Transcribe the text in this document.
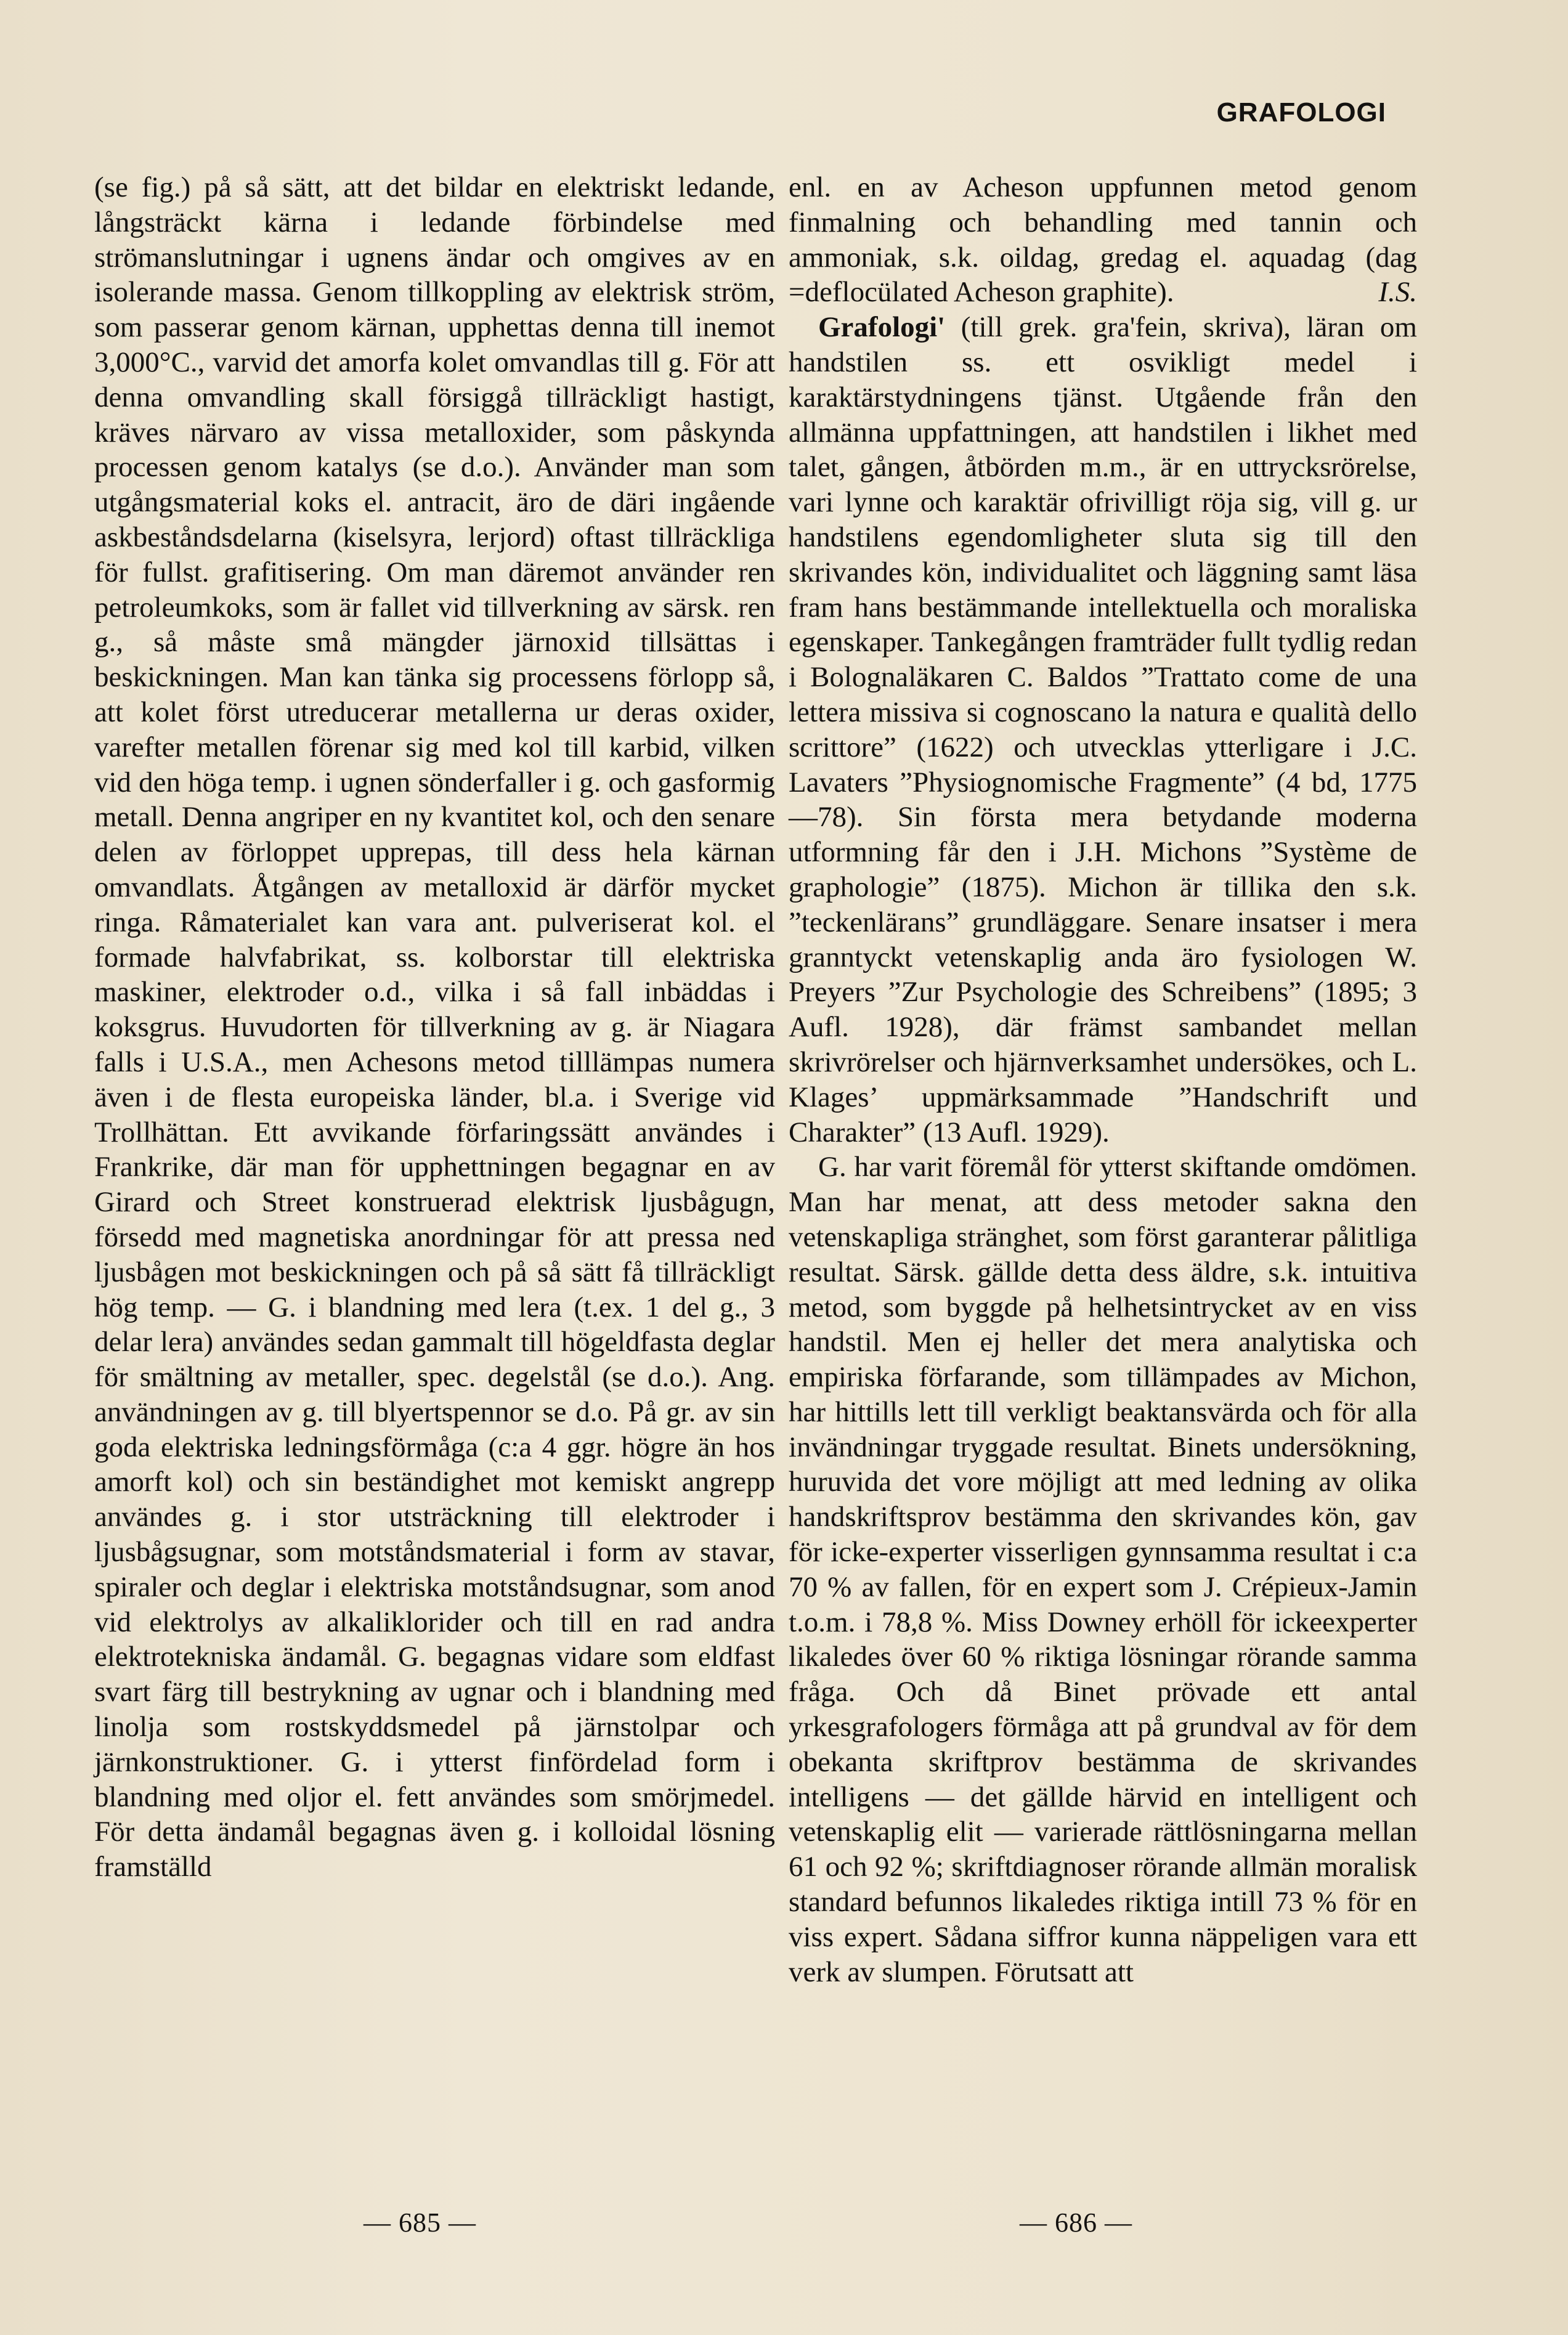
GRAFOLOGI

(se fig.) på så sätt, att det bildar en elektriskt ledande, långsträckt kärna i ledande förbindelse med strömanslutningar i ugnens ändar och omgives av en isolerande massa. Genom tillkoppling av elektrisk ström, som passerar genom kärnan, upphettas denna till inemot 3,000°C., varvid det amorfa kolet omvandlas till g. För att denna omvandling skall försiggå tillräckligt hastigt, kräves närvaro av vissa metalloxider, som påskynda processen genom katalys (se d.o.). Använder man som utgångsmaterial koks el. antracit, äro de däri ingående askbeståndsdelarna (kiselsyra, lerjord) oftast tillräckliga för fullst. grafitisering. Om man däremot använder ren petroleumkoks, som är fallet vid tillverkning av särsk. ren g., så måste små mängder järnoxid tillsättas i beskickningen. Man kan tänka sig processens förlopp så, att kolet först utreducerar metallerna ur deras oxider, varefter metallen förenar sig med kol till karbid, vilken vid den höga temp. i ugnen sönderfaller i g. och gasformig metall. Denna angriper en ny kvantitet kol, och den senare delen av förloppet upprepas, till dess hela kärnan omvandlats. Åtgången av metalloxid är därför mycket ringa. Råmaterialet kan vara ant. pulveriserat kol. el formade halvfabrikat, ss. kolborstar till elektriska maskiner, elektroder o.d., vilka i så fall inbäddas i koksgrus. Huvudorten för tillverkning av g. är Niagara falls i U.S.A., men Achesons metod tilllämpas numera även i de flesta europeiska länder, bl.a. i Sverige vid Trollhättan. Ett avvikande förfaringssätt användes i Frankrike, där man för upphettningen begagnar en av Girard och Street konstruerad elektrisk ljusbågugn, försedd med magnetiska anordningar för att pressa ned ljusbågen mot beskickningen och på så sätt få tillräckligt hög temp. — G. i blandning med lera (t.ex. 1 del g., 3 delar lera) användes sedan gammalt till högeldfasta deglar för smältning av metaller, spec. degelstål (se d.o.). Ang. användningen av g. till blyertspennor se d.o. På gr. av sin goda elektriska ledningsförmåga (c:a 4 ggr. högre än hos amorft kol) och sin beständighet mot kemiskt angrepp användes g. i stor utsträckning till elektroder i ljusbågsugnar, som motståndsmaterial i form av stavar, spiraler och deglar i elektriska motståndsugnar, som anod vid elektrolys av alkaliklorider och till en rad andra elektrotekniska ändamål. G. begagnas vidare som eldfast svart färg till bestrykning av ugnar och i blandning med linolja som rostskyddsmedel på järnstolpar och järnkonstruktioner. G. i ytterst finfördelad form i blandning med oljor el. fett användes som smörjmedel. För detta ändamål begagnas även g. i kolloidal lösning framställd

enl. en av Acheson uppfunnen metod genom finmalning och behandling med tannin och ammoniak, s.k. oildag, gredag el. aquadag (dag =deflocülated Acheson graphite).	I.S.

Grafologi' (till grek. gra'fein, skriva), läran om handstilen ss. ett osvikligt medel i karaktärstydningens tjänst. Utgående från den allmänna uppfattningen, att handstilen i likhet med talet, gången, åtbörden m.m., är en uttrycksrörelse, vari lynne och karaktär ofrivilligt röja sig, vill g. ur handstilens egendomligheter sluta sig till den skrivandes kön, individualitet och läggning samt läsa fram hans bestämmande intellektuella och moraliska egenskaper. Tankegången framträder fullt tydlig redan i Bolognaläkaren C. Baldos ”Trattato come de una lettera missiva si cognoscano la natura e qualità dello scrittore” (1622) och utvecklas ytterligare i J.C. Lavaters ”Physiognomische Fragmente” (4 bd, 1775 —78). Sin första mera betydande moderna utformning får den i J.H. Michons ”Système de graphologie” (1875). Michon är tillika den s.k. ”teckenlärans” grundläggare. Senare insatser i mera granntyckt vetenskaplig anda äro fysiologen W. Preyers ”Zur Psychologie des Schreibens” (1895; 3 Aufl. 1928), där främst sambandet mellan skrivrörelser och hjärnverksamhet undersökes, och L. Klages’ uppmärksammade ”Handschrift und Charakter” (13 Aufl. 1929).

G. har varit föremål för ytterst skiftande omdömen. Man har menat, att dess metoder sakna den vetenskapliga stränghet, som först garanterar pålitliga resultat. Särsk. gällde detta dess äldre, s.k. intuitiva metod, som byggde på helhetsintrycket av en viss handstil. Men ej heller det mera analytiska och empiriska förfarande, som tillämpades av Michon, har hittills lett till verkligt beaktansvärda och för alla invändningar tryggade resultat. Binets undersökning, huruvida det vore möjligt att med ledning av olika handskriftsprov bestämma den skrivandes kön, gav för icke-experter visserligen gynnsamma resultat i c:a 70 % av fallen, för en expert som J. Crépieux-Jamin t.o.m. i 78,8 %. Miss Downey erhöll för ickeexperter likaledes över 60 % riktiga lösningar rörande samma fråga. Och då Binet prövade ett antal yrkesgrafologers förmåga att på grundval av för dem obekanta skriftprov bestämma de skrivandes intelligens — det gällde härvid en intelligent och vetenskaplig elit — varierade rättlösningarna mellan 61 och 92 %; skriftdiagnoser rörande allmän moralisk standard befunnos likaledes riktiga intill 73 % för en viss expert. Sådana siffror kunna näppeligen vara ett verk av slumpen. Förutsatt att

— 685 —	— 686 —
